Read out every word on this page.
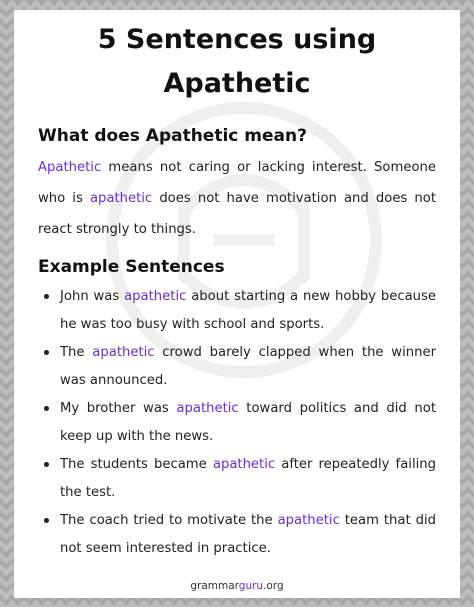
5 Sentences using
Apathetic
What does Apathetic mean?

Apathetic means not caring or lacking interest. Someone who is apathetic does not have motivation and does not react strongly to things.

Example Sentences
John was apathetic about starting a new hobby because he was too busy with school and sports.
The apathetic crowd barely clapped when the winner was announced.
My brother was apathetic toward politics and did not keep up with the news.
The students became apathetic after repeatedly failing the test.
The coach tried to motivate the apathetic team that did not seem interested in practice.
grammarguru.org
